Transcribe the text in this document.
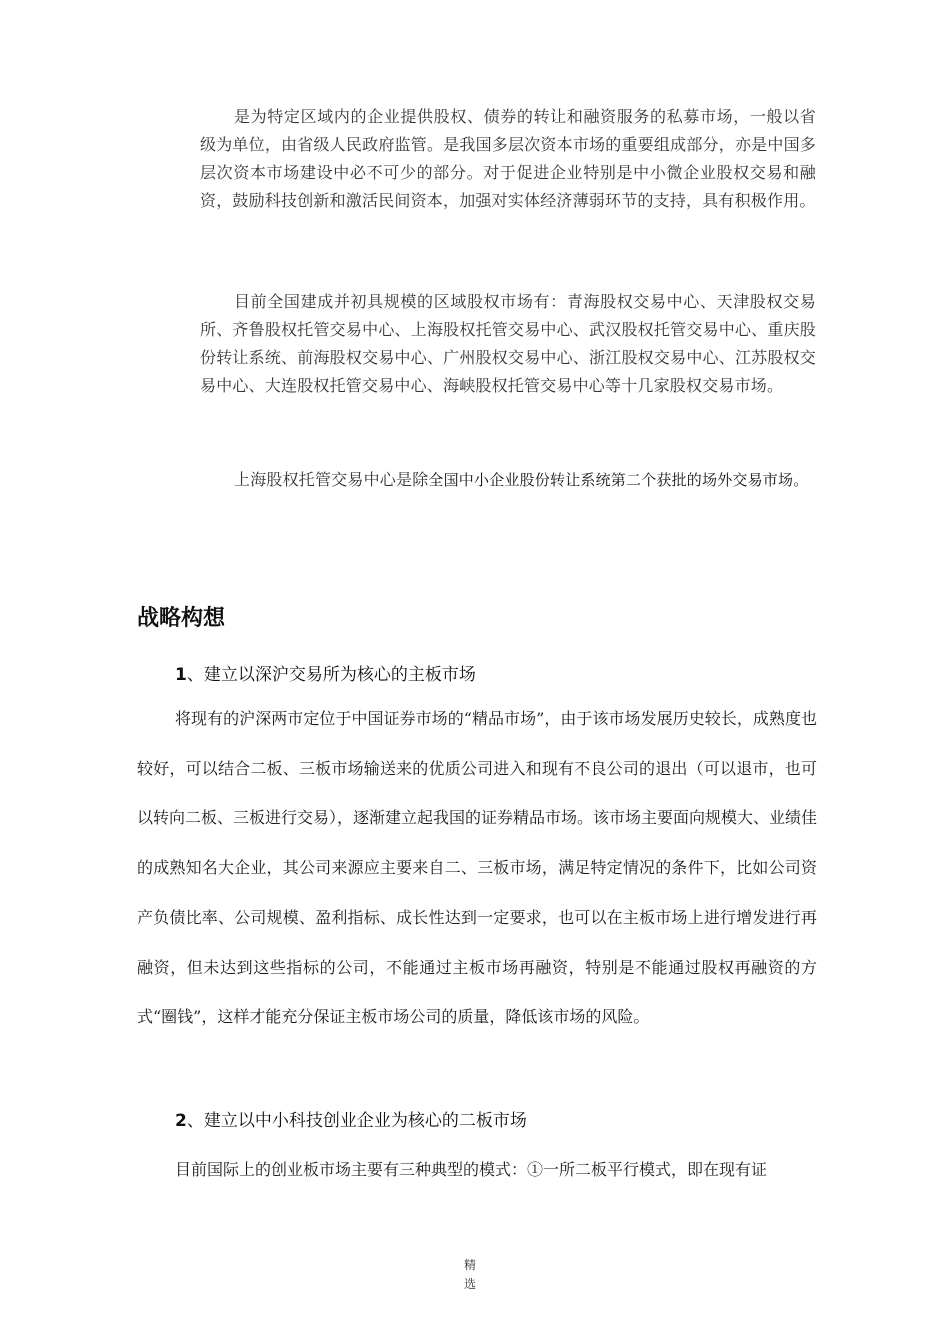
是为特定区域内的企业提供股权、债券的转让和融资服务的私募市场，一般以省级为单位，由省级人民政府监管。是我国多层次资本市场的重要组成部分，亦是中国多层次资本市场建设中必不可少的部分。对于促进企业特别是中小微企业股权交易和融资，鼓励科技创新和激活民间资本，加强对实体经济薄弱环节的支持，具有积极作用。

目前全国建成并初具规模的区域股权市场有：青海股权交易中心、天津股权交易所、齐鲁股权托管交易中心、上海股权托管交易中心、武汉股权托管交易中心、重庆股份转让系统、前海股权交易中心、广州股权交易中心、浙江股权交易中心、江苏股权交易中心、大连股权托管交易中心、海峡股权托管交易中心等十几家股权交易市场。

上海股权托管交易中心是除全国中小企业股份转让系统第二个获批的场外交易市场。

战略构想
1、建立以深沪交易所为核心的主板市场

将现有的沪深两市定位于中国证券市场的“精品市场”，由于该市场发展历史较长，成熟度也较好，可以结合二板、三板市场输送来的优质公司进入和现有不良公司的退出（可以退市，也可以转向二板、三板进行交易），逐渐建立起我国的证券精品市场。该市场主要面向规模大、业绩佳的成熟知名大企业，其公司来源应主要来自二、三板市场，满足特定情况的条件下，比如公司资产负债比率、公司规模、盈利指标、成长性达到一定要求，也可以在主板市场上进行增发进行再融资，但未达到这些指标的公司，不能通过主板市场再融资，特别是不能通过股权再融资的方式“圈钱”，这样才能充分保证主板市场公司的质量，降低该市场的风险。

2、建立以中小科技创业企业为核心的二板市场

目前国际上的创业板市场主要有三种典型的模式：①一所二板平行模式，即在现有证

精
选
